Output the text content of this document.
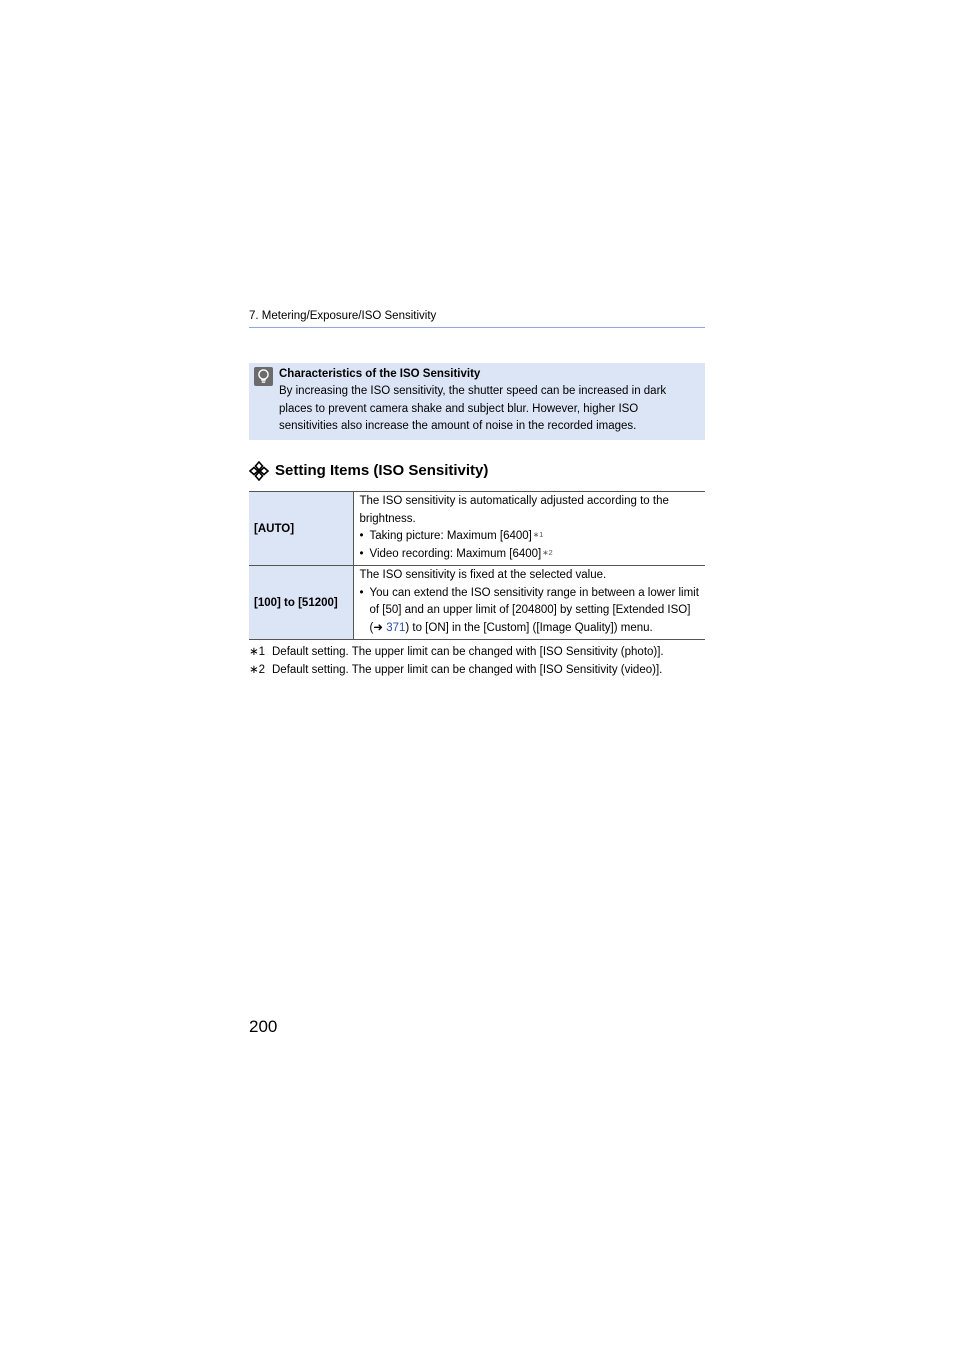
7. Metering/Exposure/ISO Sensitivity
Characteristics of the ISO Sensitivity
By increasing the ISO sensitivity, the shutter speed can be increased in dark places to prevent camera shake and subject blur. However, higher ISO sensitivities also increase the amount of noise in the recorded images.
Setting Items (ISO Sensitivity)
[AUTO]	The ISO sensitivity is automatically adjusted according to the brightness.
• Taking picture: Maximum [6400]$^{∗1}$
• Video recording: Maximum [6400]$^{∗2}$

[100] to [51200]	The ISO sensitivity is fixed at the selected value.
• You can extend the ISO sensitivity range in between a lower limit of [50] and an upper limit of [204800] by setting [Extended ISO] (➜ 371) to [ON] in the [Custom] ([Image Quality]) menu.
∗1 Default setting. The upper limit can be changed with [ISO Sensitivity (photo)].
∗2 Default setting. The upper limit can be changed with [ISO Sensitivity (video)].
200
